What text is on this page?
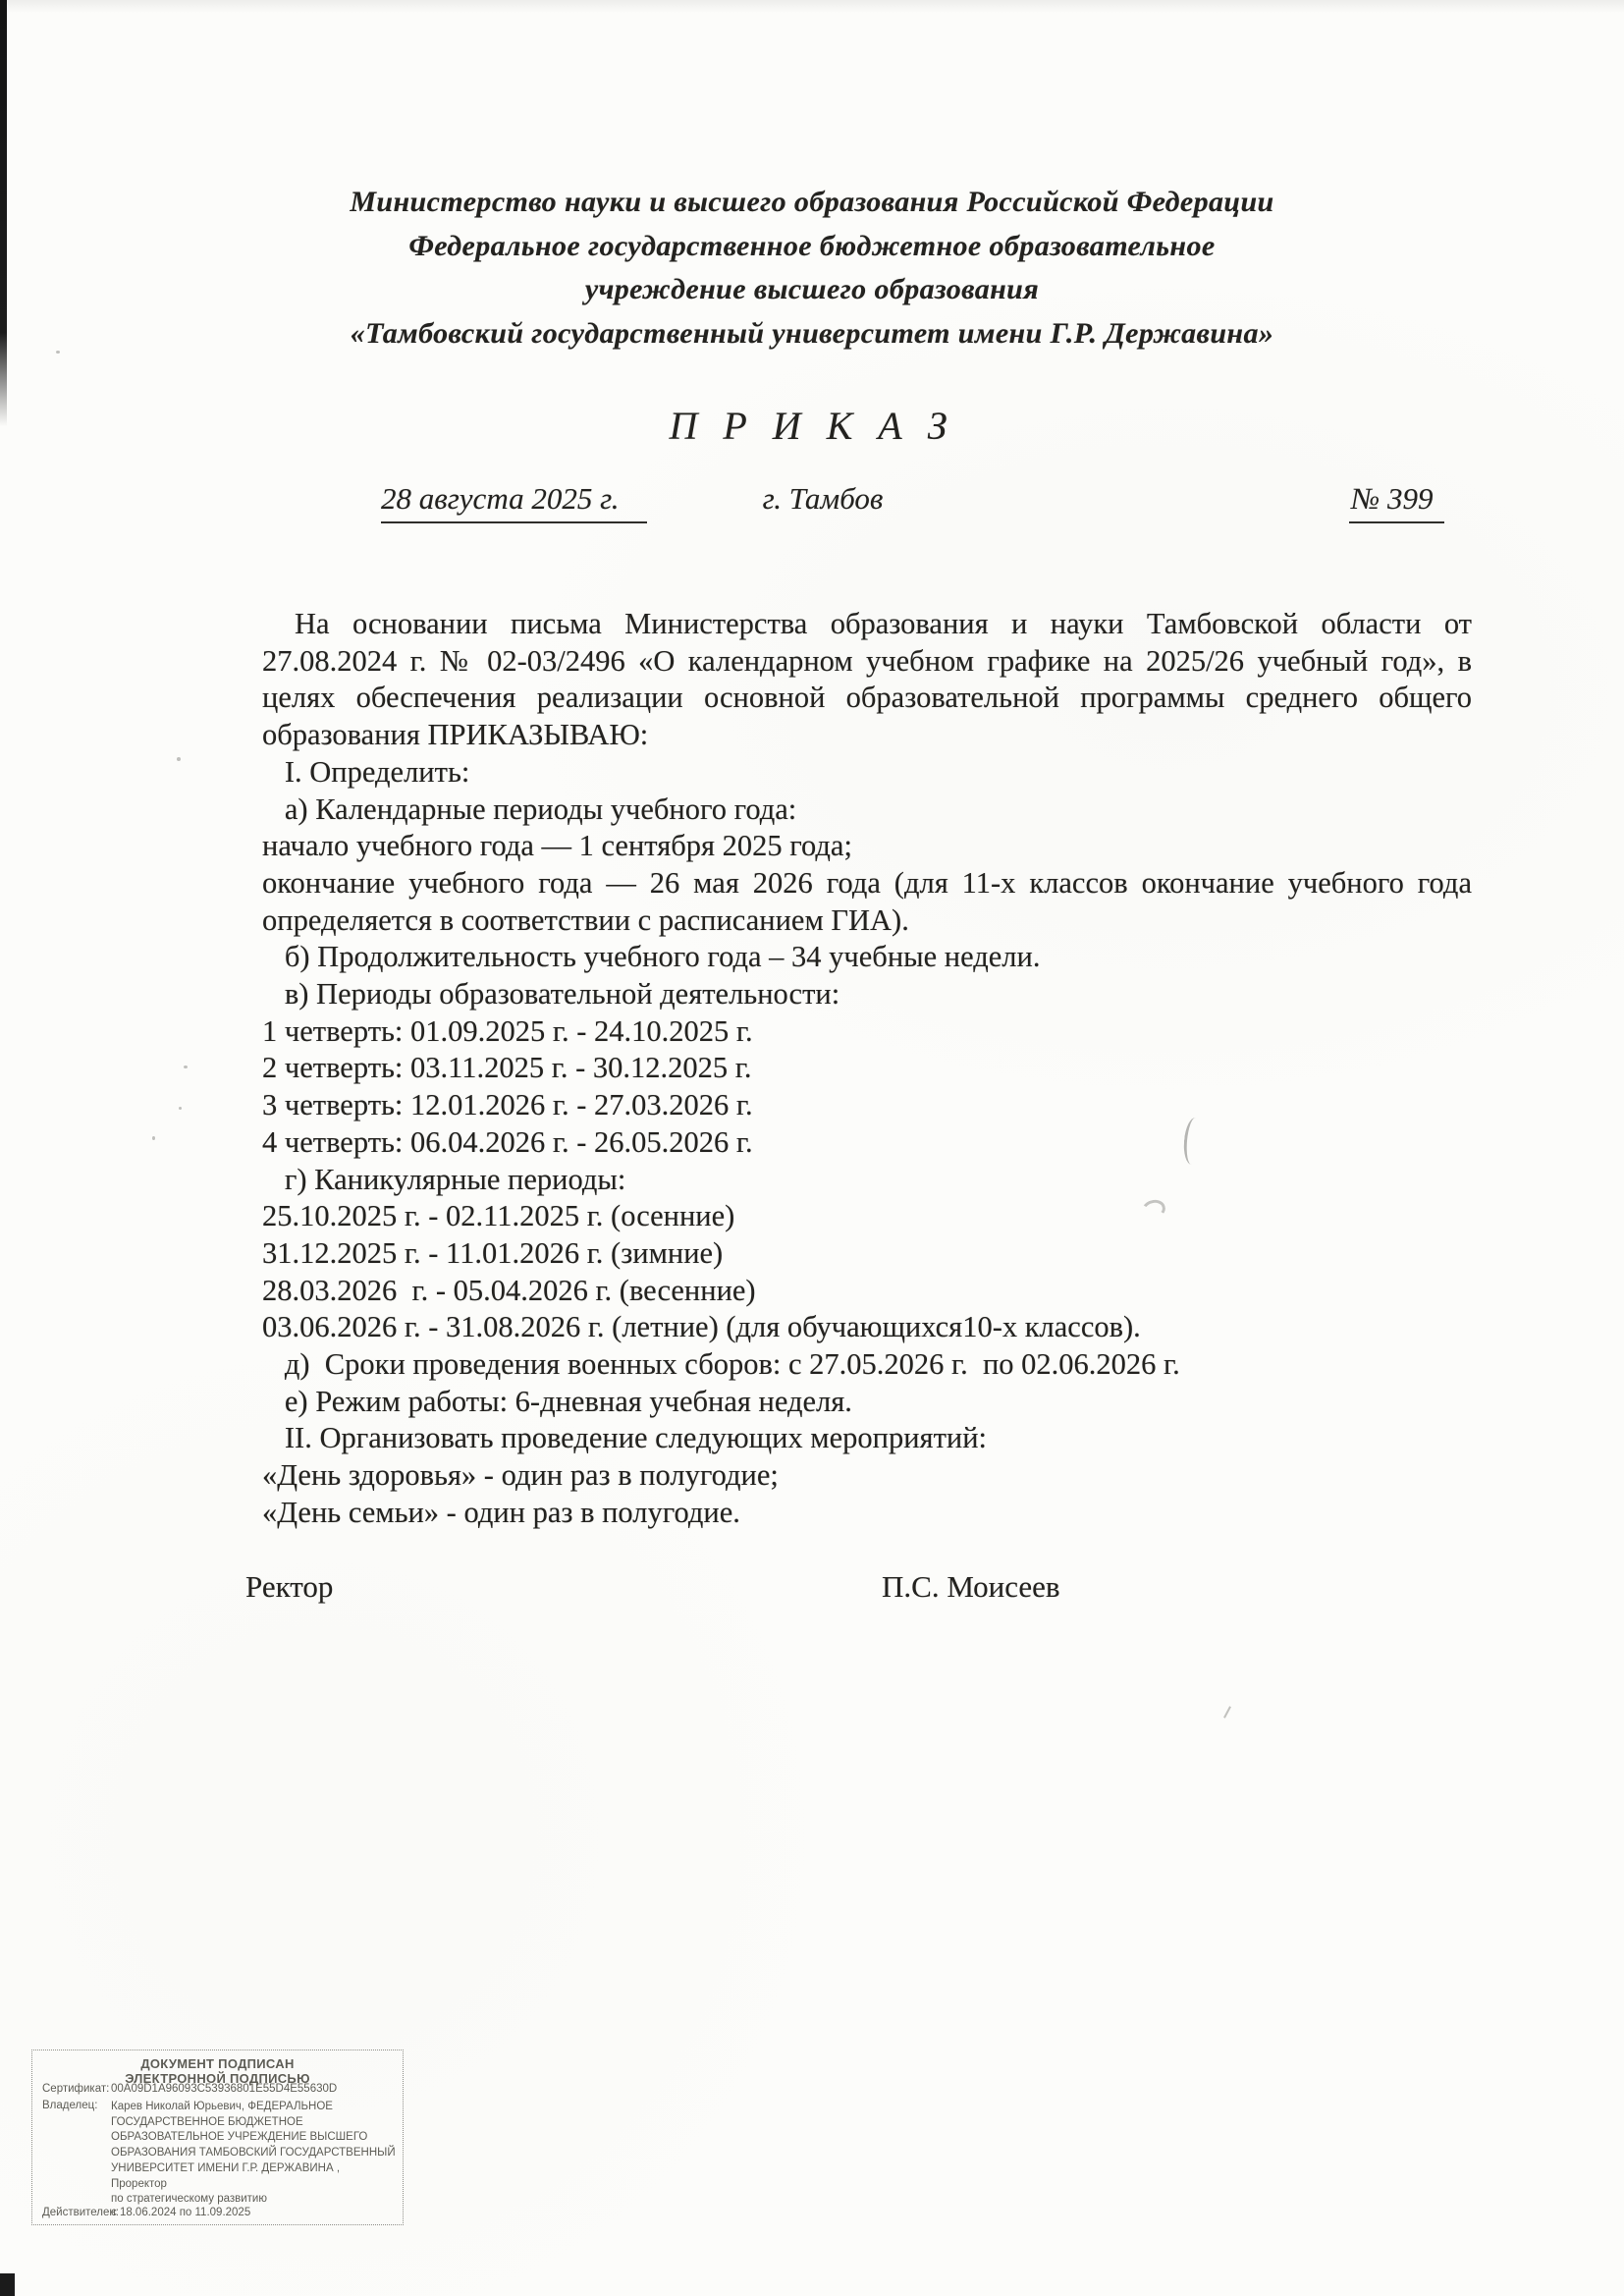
Министерство науки и высшего образования Российской Федерации
Федеральное государственное бюджетное образовательное
учреждение высшего образования
«Тамбовский государственный университет имени Г.Р. Державина»
П Р И К А З
28 августа 2025 г.	г. Тамбов	№ 399
На основании письма Министерства образования и науки Тамбовской области от
27.08.2024 г. № 02-03/2496 «О календарном учебном графике на 2025/26 учебный год», в
целях обеспечения реализации основной образовательной программы среднего общего
образования ПРИКАЗЫВАЮ:
I. Определить:
а) Календарные периоды учебного года:
начало учебного года — 1 сентября 2025 года;
окончание учебного года — 26 мая 2026 года (для 11-х классов окончание учебного года
определяется в соответствии с расписанием ГИА).
б) Продолжительность учебного года – 34 учебные недели.
в) Периоды образовательной деятельности:
1 четверть: 01.09.2025 г. - 24.10.2025 г.
2 четверть: 03.11.2025 г. - 30.12.2025 г.
3 четверть: 12.01.2026 г. - 27.03.2026 г.
4 четверть: 06.04.2026 г. - 26.05.2026 г.
г) Каникулярные периоды:
25.10.2025 г. - 02.11.2025 г. (осенние)
31.12.2025 г. - 11.01.2026 г. (зимние)
28.03.2026  г. - 05.04.2026 г. (весенние)
03.06.2026 г. - 31.08.2026 г. (летние) (для обучающихся10-х классов).
д)  Сроки проведения военных сборов: с 27.05.2026 г.  по 02.06.2026 г.
е) Режим работы: 6-дневная учебная неделя.
II. Организовать проведение следующих мероприятий:
«День здоровья» - один раз в полугодие;
«День семьи» - один раз в полугодие.
Ректор	П.С. Моисеев
ДОКУМЕНТ ПОДПИСАН
ЭЛЕКТРОННОЙ ПОДПИСЬЮ
Сертификат: 00A09D1A96093C53936801E55D4E55630D
Владелец: Карев Николай Юрьевич, ФЕДЕРАЛЬНОЕ
ГОСУДАРСТВЕННОЕ БЮДЖЕТНОЕ
ОБРАЗОВАТЕЛЬНОЕ УЧРЕЖДЕНИЕ ВЫСШЕГО
ОБРАЗОВАНИЯ ТАМБОВСКИЙ ГОСУДАРСТВЕННЫЙ
УНИВЕРСИТЕТ ИМЕНИ Г.Р. ДЕРЖАВИНА , Проректор
по стратегическому развитию
Действителен:
с 18.06.2024 по 11.09.2025
